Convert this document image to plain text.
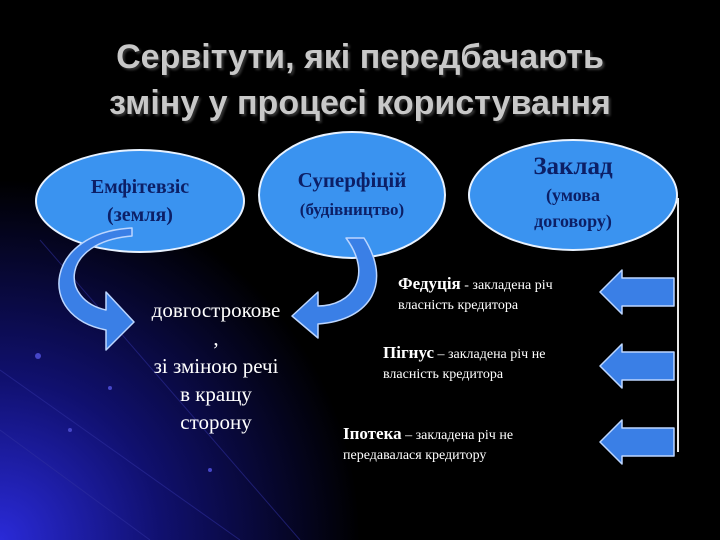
Сервітути, які передбачають
зміну у процесі користування
Емфітевзіс
(земля)
Суперфіцій
(будівництво)
Заклад
(умова
договору)
довгострокове
,
зі зміною речі
в кращу
сторону
Федуція - закладена річ власність кредитора
Пігнус – закладена річ не власність кредитора
Іпотека – закладена річ не передавалася кредитору
